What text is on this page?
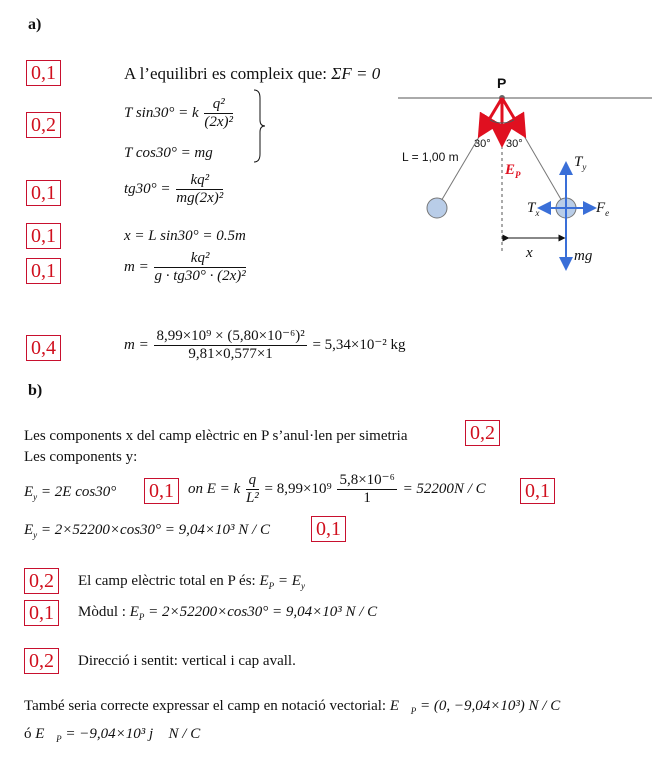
a)
0,1
0,2
0,1
0,1
0,1
0,4
A l’equilibri es compleix que: ΣF = 0
T sin30° = k $\frac{\text{q²}}{\text{(2x)²}}$
T cos30° = mg
$tg30^\circ = \frac{\text{kq²}}{\text{mg(2x)²}}$
x = L sin30° = 0.5m
$m = \frac{\text{kq²}}{\text{g · tg30° · (2x)²}}$
$m = \frac{\text{8,99×10⁹ × (5,80×10⁻⁶)²}}{9,81\times 0,577\times 1} = 5,34\times 10^{-2}$ kg
P
L = 1,00 m
30° 30°
$E_P$
$T_y$
$T_x$	$F_e$
x	mg
b)
Les components x del camp elèctric en P s’anul·len per simetria	0,2
Les components y:
$E_y = 2E$ cos30° 0,1 on E = k $\frac{q}{\text{L²}} = 8,99\times 10^9 \frac{\text{5,8×10⁻⁶}}{1} = 52200N / C$ 0,1
$E_y = 2\times 52200\times\cos 30^\circ = 9,04\times 10^3$ N / C 0,1
0,2	El camp elèctric total en P és: $E_P = E_y$
0,1	Mòdul : $E_P = 2\times 52200\times\cos 30^\circ = 9,04\times 10^3$ N / C
0,2	Direcció i sentit: vertical i cap avall.
També seria correcte expressar el camp en notació vectorial: $E⃗_P = (0$, −9,04×10³) N / C
ó $E⃗_P = -9,04\times 10^3$ j⃗ N / C
